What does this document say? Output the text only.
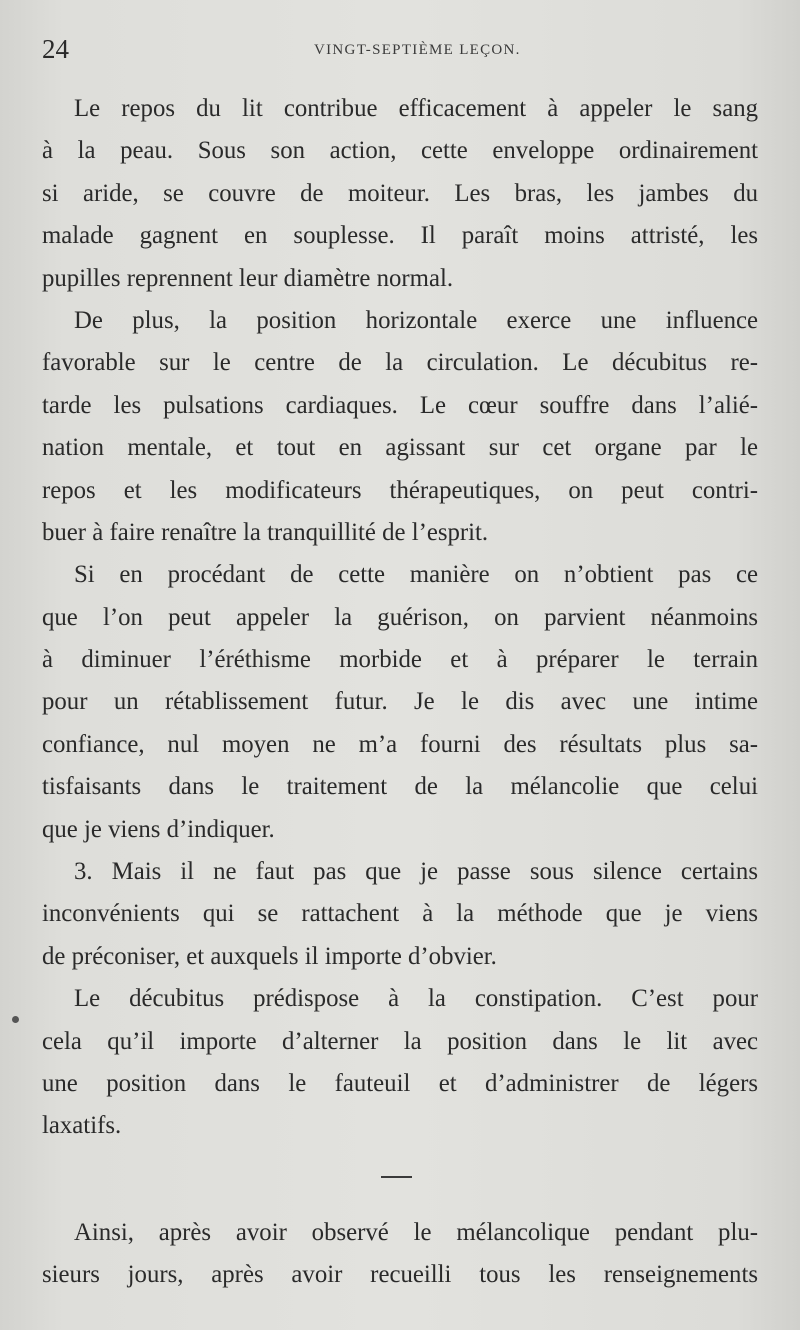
24	VINGT-SEPTIÈME LEÇON.
Le repos du lit contribue efficacement à appeler le sang
à la peau. Sous son action, cette enveloppe ordinairement
si aride, se couvre de moiteur. Les bras, les jambes du
malade gagnent en souplesse. Il paraît moins attristé, les
pupilles reprennent leur diamètre normal.
De plus, la position horizontale exerce une influence
favorable sur le centre de la circulation. Le décubitus re-
tarde les pulsations cardiaques. Le cœur souffre dans l’alié-
nation mentale, et tout en agissant sur cet organe par le
repos et les modificateurs thérapeutiques, on peut contri-
buer à faire renaître la tranquillité de l’esprit.
Si en procédant de cette manière on n’obtient pas ce
que l’on peut appeler la guérison, on parvient néanmoins
à diminuer l’éréthisme morbide et à préparer le terrain
pour un rétablissement futur. Je le dis avec une intime
confiance, nul moyen ne m’a fourni des résultats plus sa-
tisfaisants dans le traitement de la mélancolie que celui
que je viens d’indiquer.
3. Mais il ne faut pas que je passe sous silence certains
inconvénients qui se rattachent à la méthode que je viens
de préconiser, et auxquels il importe d’obvier.
Le décubitus prédispose à la constipation. C’est pour
cela qu’il importe d’alterner la position dans le lit avec
une position dans le fauteuil et d’administrer de légers
laxatifs.
Ainsi, après avoir observé le mélancolique pendant plu-
sieurs jours, après avoir recueilli tous les renseignements
